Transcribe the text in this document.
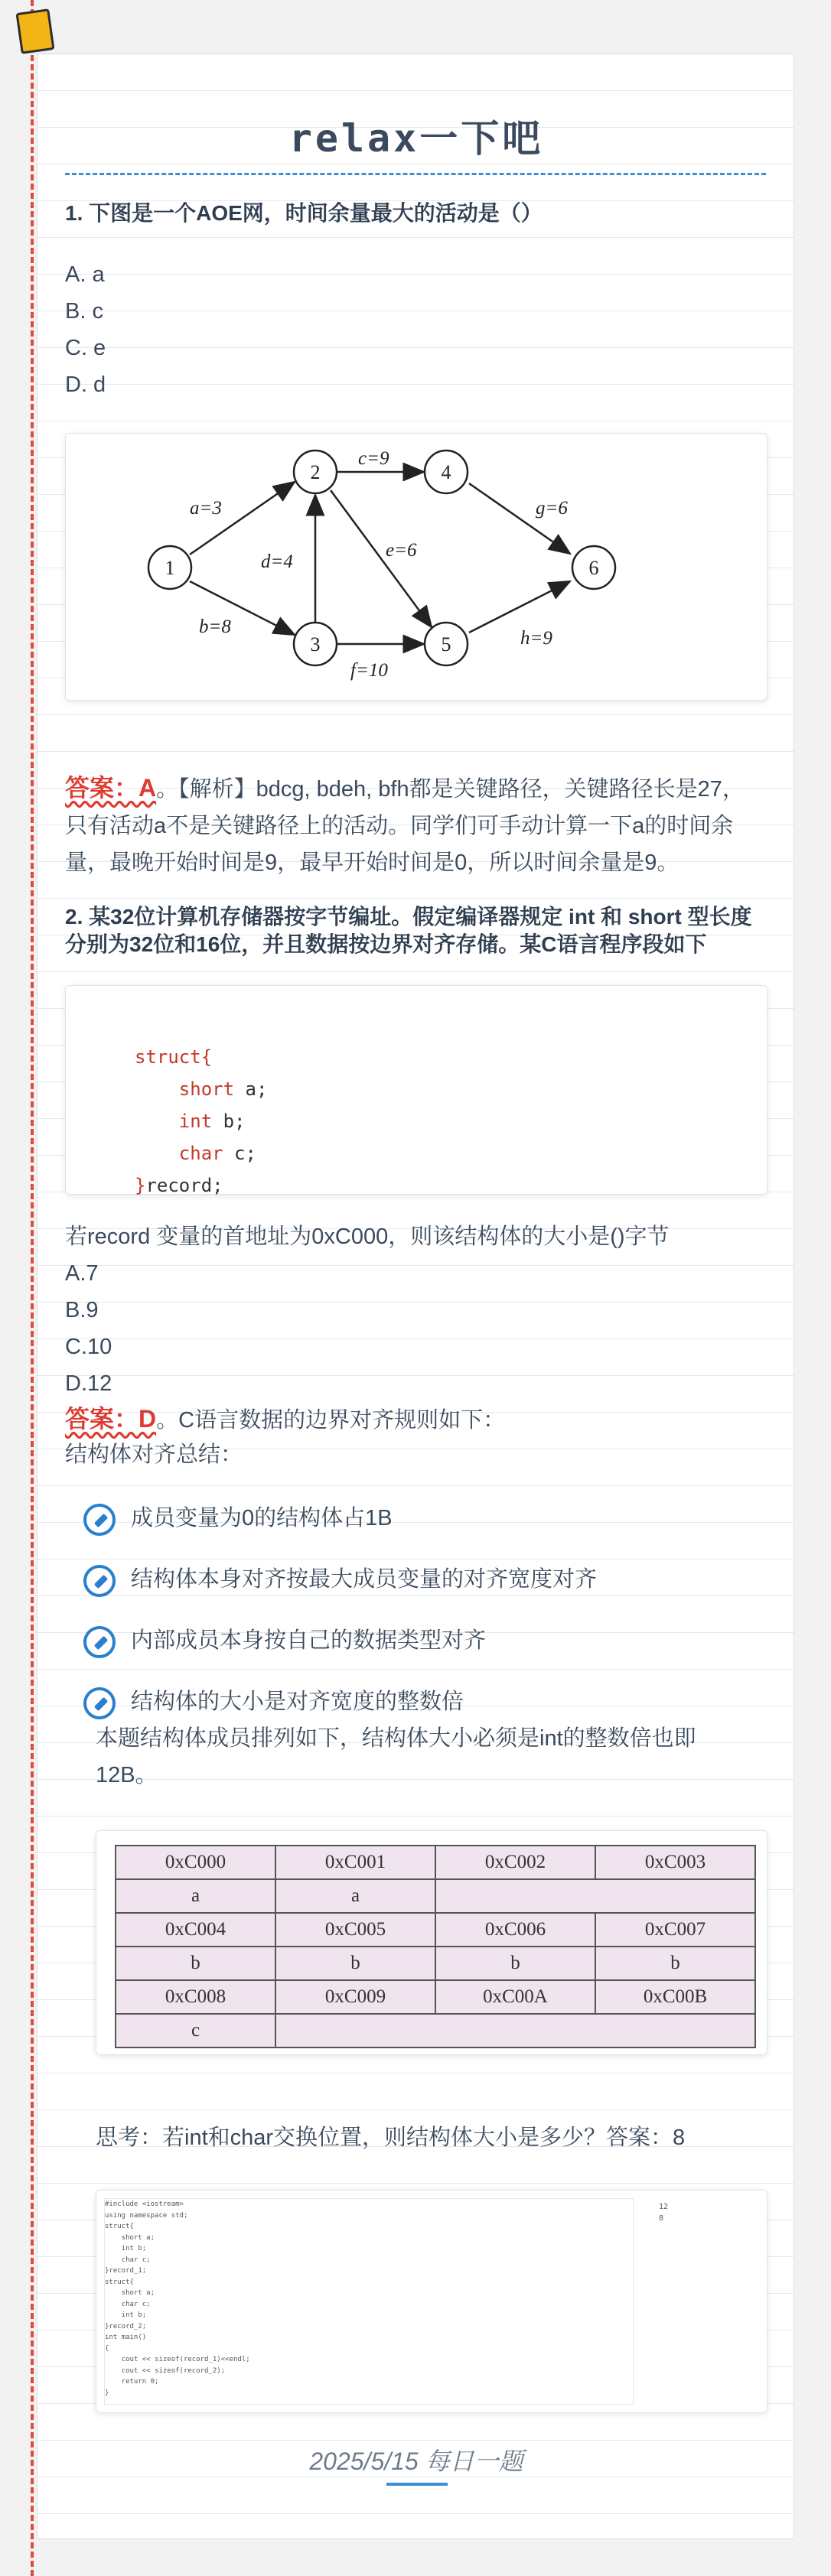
relax一下吧
1. 下图是一个AOE网，时间余量最大的活动是（）
A. a
B. c
C. e
D. d
1
2
3
4
5
6
a=3
c=9
g=6
d=4
e=6
b=8
f=10
h=9
答案：A。【解析】bdcg, bdeh, bfh都是关键路径，关键路径长是27，只有活动a不是关键路径上的活动。同学们可手动计算一下a的时间余量，最晚开始时间是9，最早开始时间是0，所以时间余量是9。
2. 某32位计算机存储器按字节编址。假定编译器规定 int 和 short 型长度分别为32位和16位，并且数据按边界对齐存储。某C语言程序段如下

struct{
short a;
int b;
char c;
}record;
若record 变量的首地址为0xC000，则该结构体的大小是()字节
A.7
B.9
C.10
D.12
答案：D。C语言数据的边界对齐规则如下：
结构体对齐总结：
成员变量为0的结构体占1B
结构体本身对齐按最大成员变量的对齐宽度对齐
内部成员本身按自己的数据类型对齐
结构体的大小是对齐宽度的整数倍
本题结构体成员排列如下，结构体大小必须是int的整数倍也即12B。
0xC000	0xC001	0xC002	0xC003
a	a		
0xC004	0xC005	0xC006	0xC007
b	b	b	b
0xC008	0xC009	0xC00A	0xC00B
c			
思考：若int和char交换位置，则结构体大小是多少？答案：8
#include <iostream>
using namespace std;
struct{
short a;
int b;
char c;
}record_1;
struct{
short a;
char c;
int b;
}record_2;
int main()
{
cout << sizeof(record_1)<<endl;
cout << sizeof(record_2);
return 0;
}
12
8
2025/5/15 每日一题
